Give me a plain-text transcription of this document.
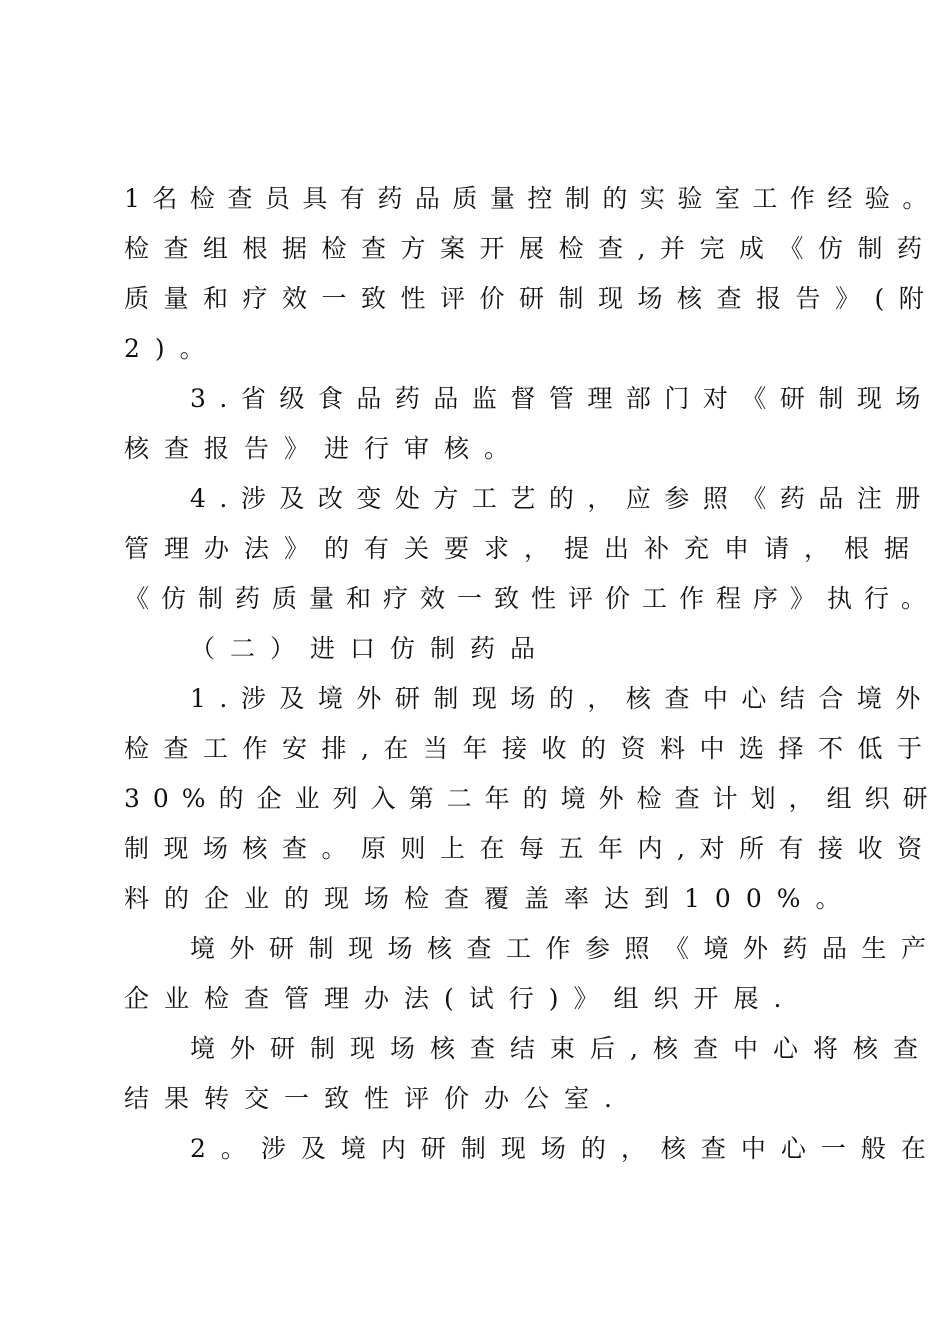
1名检查员具有药品质量控制的实验室工作经验。
检查组根据检查方案开展检查,并完成《仿制药
质量和疗效一致性评价研制现场核查报告》(附
2)。
3.省级食品药品监督管理部门对《研制现场
核查报告》进行审核。
4.涉及改变处方工艺的，应参照《药品注册
管理办法》的有关要求，提出补充申请，根据
《仿制药质量和疗效一致性评价工作程序》执行。
（二）进口仿制药品
1.涉及境外研制现场的，核查中心结合境外
检查工作安排,在当年接收的资料中选择不低于
30%的企业列入第二年的境外检查计划，组织研
制现场核查。原则上在每五年内,对所有接收资
料的企业的现场检查覆盖率达到100%。
境外研制现场核查工作参照《境外药品生产
企业检查管理办法(试行)》组织开展.
境外研制现场核查结束后,核查中心将核查
结果转交一致性评价办公室.
2。涉及境内研制现场的，核查中心一般在
